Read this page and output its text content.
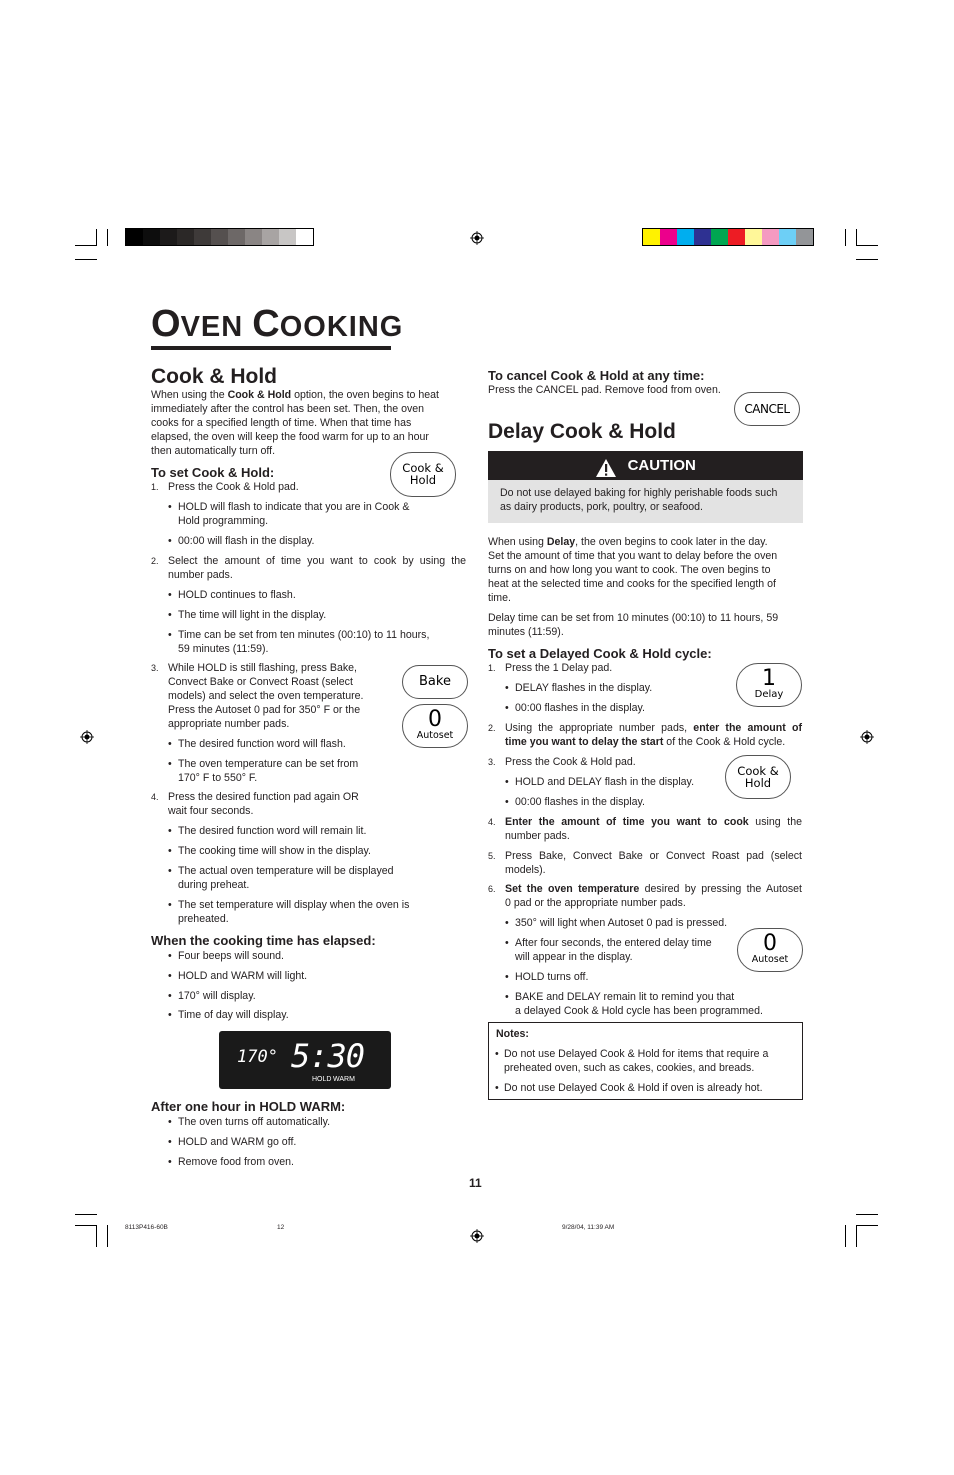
OVEN COOKING
Cook & Hold

When using the Cook & Hold option, the oven begins to heat

immediately after the control has been set. Then, the oven

cooks for a specified length of time. When that time has

elapsed, the oven will keep the food warm for up to an hour

then automatically turn off.

To set Cook & Hold:	Cook &
Hold
1. Press the Cook & Hold pad.
• HOLD will flash to indicate that you are in Cook &
Hold programming.
• 00:00 will flash in the display.
2. Select the amount of time you want to cook by using the
number pads.
• HOLD continues to flash.
• The time will light in the display.
• Time can be set from ten minutes (00:10) to 11 hours,
59 minutes (11:59).
3. While HOLD is still flashing, press Bake,
Convect Bake or Convect Roast (select
models) and select the oven temperature.
Press the Autoset 0 pad for 350° F or the
appropriate number pads.
• The desired function word will flash.
• The oven temperature can be set from
170° F to 550° F.
4. Press the desired function pad again OR
wait four seconds.
• The desired function word will remain lit.
• The cooking time will show in the display.
• The actual oven temperature will be displayed
during preheat.
• The set temperature will display when the oven is
preheated.
Bake
0
Autoset
When the cooking time has elapsed:
• Four beeps will sound.
• HOLD and WARM will light.
• 170° will display.
• Time of day will display.
170° 5:30
HOLD WARM
After one hour in HOLD WARM:
• The oven turns off automatically.
• HOLD and WARM go off.
• Remove food from oven.
To cancel Cook & Hold at any time:

Press the CANCEL pad. Remove food from oven.

CANCEL
Delay Cook & Hold
CAUTION

Do not use delayed baking for highly perishable foods such

as dairy products, pork, poultry, or seafood.

When using Delay, the oven begins to cook later in the day.

Set the amount of time that you want to delay before the oven

turns on and how long you want to cook. The oven begins to

heat at the selected time and cooks for the specified length of

time.

Delay time can be set from 10 minutes (00:10) to 11 hours, 59

minutes (11:59).

To set a Delayed Cook & Hold cycle:
1
Delay
Cook &
Hold
0
Autoset
1. Press the 1 Delay pad.
• DELAY flashes in the display.
• 00:00 flashes in the display.
2. Using the appropriate number pads, enter the amount of
time you want to delay the start of the Cook & Hold cycle.
3. Press the Cook & Hold pad.
• HOLD and DELAY flash in the display.
• 00:00 flashes in the display.
4. Enter the amount of time you want to cook using the
number pads.
5. Press Bake, Convect Bake or Convect Roast pad (select
models).
6. Set the oven temperature desired by pressing the Autoset
0 pad or the appropriate number pads.
• 350° will light when Autoset 0 pad is pressed.
• After four seconds, the entered delay time
will appear in the display.
• HOLD turns off.
• BAKE and DELAY remain lit to remind you that
a delayed Cook & Hold cycle has been programmed.
Notes:
• Do not use Delayed Cook & Hold for items that require a
preheated oven, such as cakes, cookies, and breads.
• Do not use Delayed Cook & Hold if oven is already hot.
11
8113P416-60B	12	9/28/04, 11:39 AM
